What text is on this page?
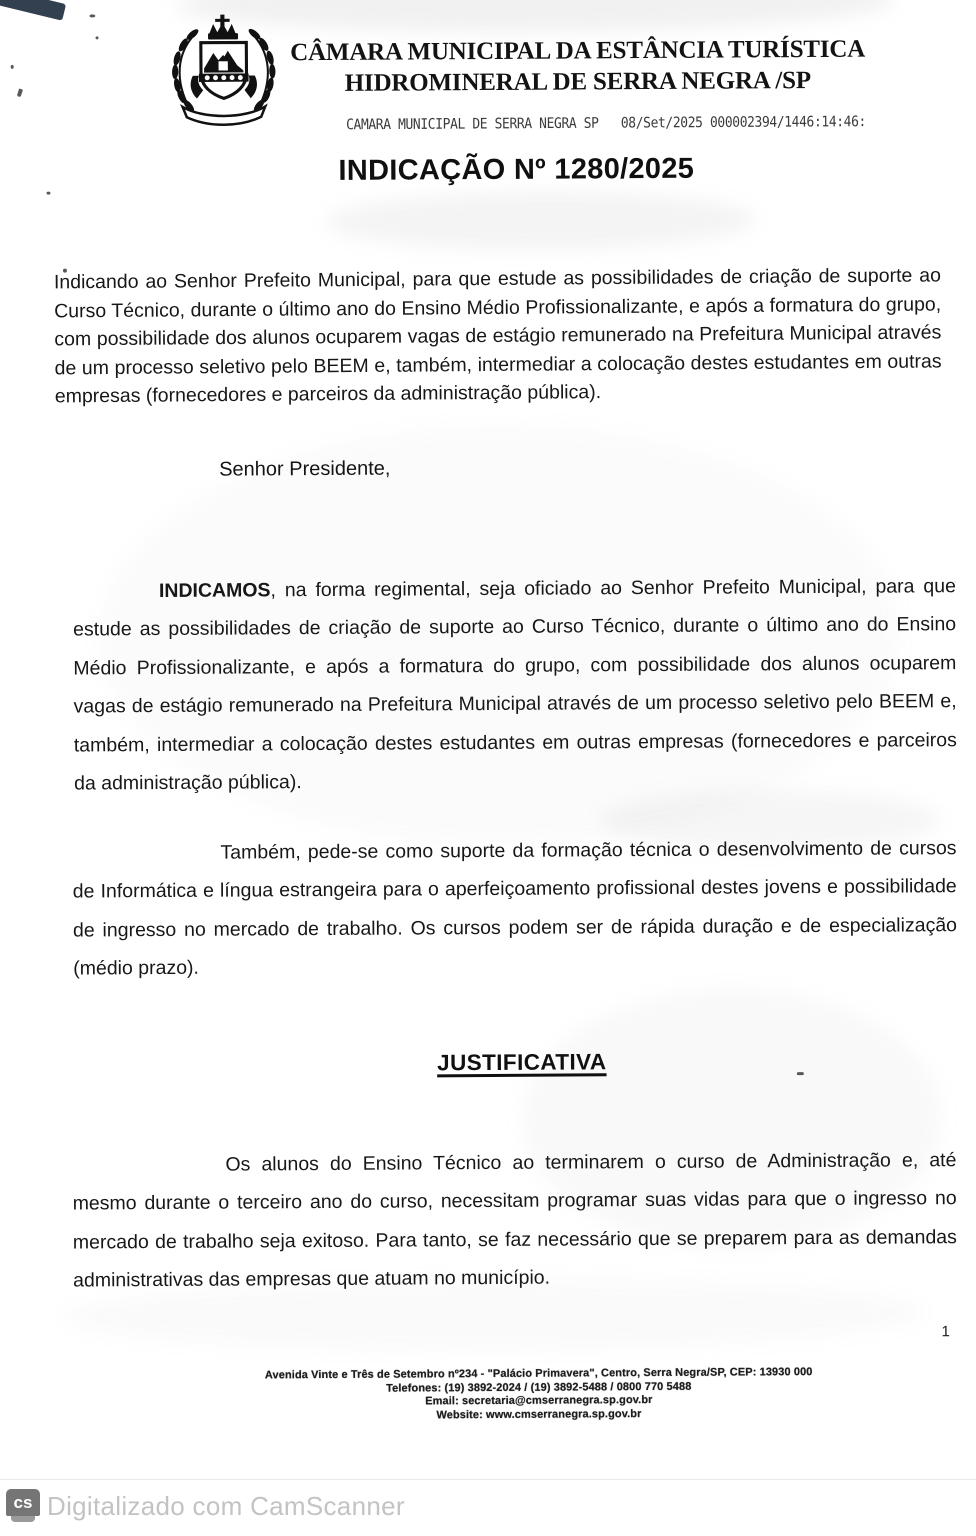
CÂMARA MUNICIPAL DA ESTÂNCIA TURÍSTICA
HIDROMINERAL DE SERRA NEGRA /SP
CAMARA MUNICIPAL DE SERRA NEGRA SP   08/Set/2025 000002394/1446:14:46:
INDICAÇÃO Nº 1280/2025

Indicando ao Senhor Prefeito Municipal, para que estude as possibilidades de criação de suporte ao Curso Técnico, durante o último ano do Ensino Médio Profissionalizante, e após a formatura do grupo, com possibilidade dos alunos ocuparem vagas de estágio remunerado na Prefeitura Municipal através de um processo seletivo pelo BEEM e, também, intermediar a colocação destes estudantes em outras empresas (fornecedores e parceiros da administração pública).

Senhor Presidente,

INDICAMOS, na forma regimental, seja oficiado ao Senhor Prefeito Municipal, para que estude as possibilidades de criação de suporte ao Curso Técnico, durante o último ano do Ensino Médio Profissionalizante, e após a formatura do grupo, com possibilidade dos alunos ocuparem vagas de estágio remunerado na Prefeitura Municipal através de um processo seletivo pelo BEEM e, também, intermediar a colocação destes estudantes em outras empresas (fornecedores e parceiros da administração pública).

Também, pede-se como suporte da formação técnica o desenvolvimento de cursos de Informática e língua estrangeira para o aperfeiçoamento profissional destes jovens e possibilidade de ingresso no mercado de trabalho. Os cursos podem ser de rápida duração e de especialização (médio prazo).

JUSTIFICATIVA

Os alunos do Ensino Técnico ao terminarem o curso de Administração e, até mesmo durante o terceiro ano do curso, necessitam programar suas vidas para que o ingresso no mercado de trabalho seja exitoso. Para tanto, se faz necessário que se preparem para as demandas administrativas das empresas que atuam no município.

1
Avenida Vinte e Três de Setembro nº234 - "Palácio Primavera", Centro, Serra Negra/SP, CEP: 13930 000
Telefones: (19) 3892-2024 / (19) 3892-5488 / 0800 770 5488
Email: secretaria@cmserranegra.sp.gov.br
Website: www.cmserranegra.sp.gov.br
cs Digitalizado com CamScanner
